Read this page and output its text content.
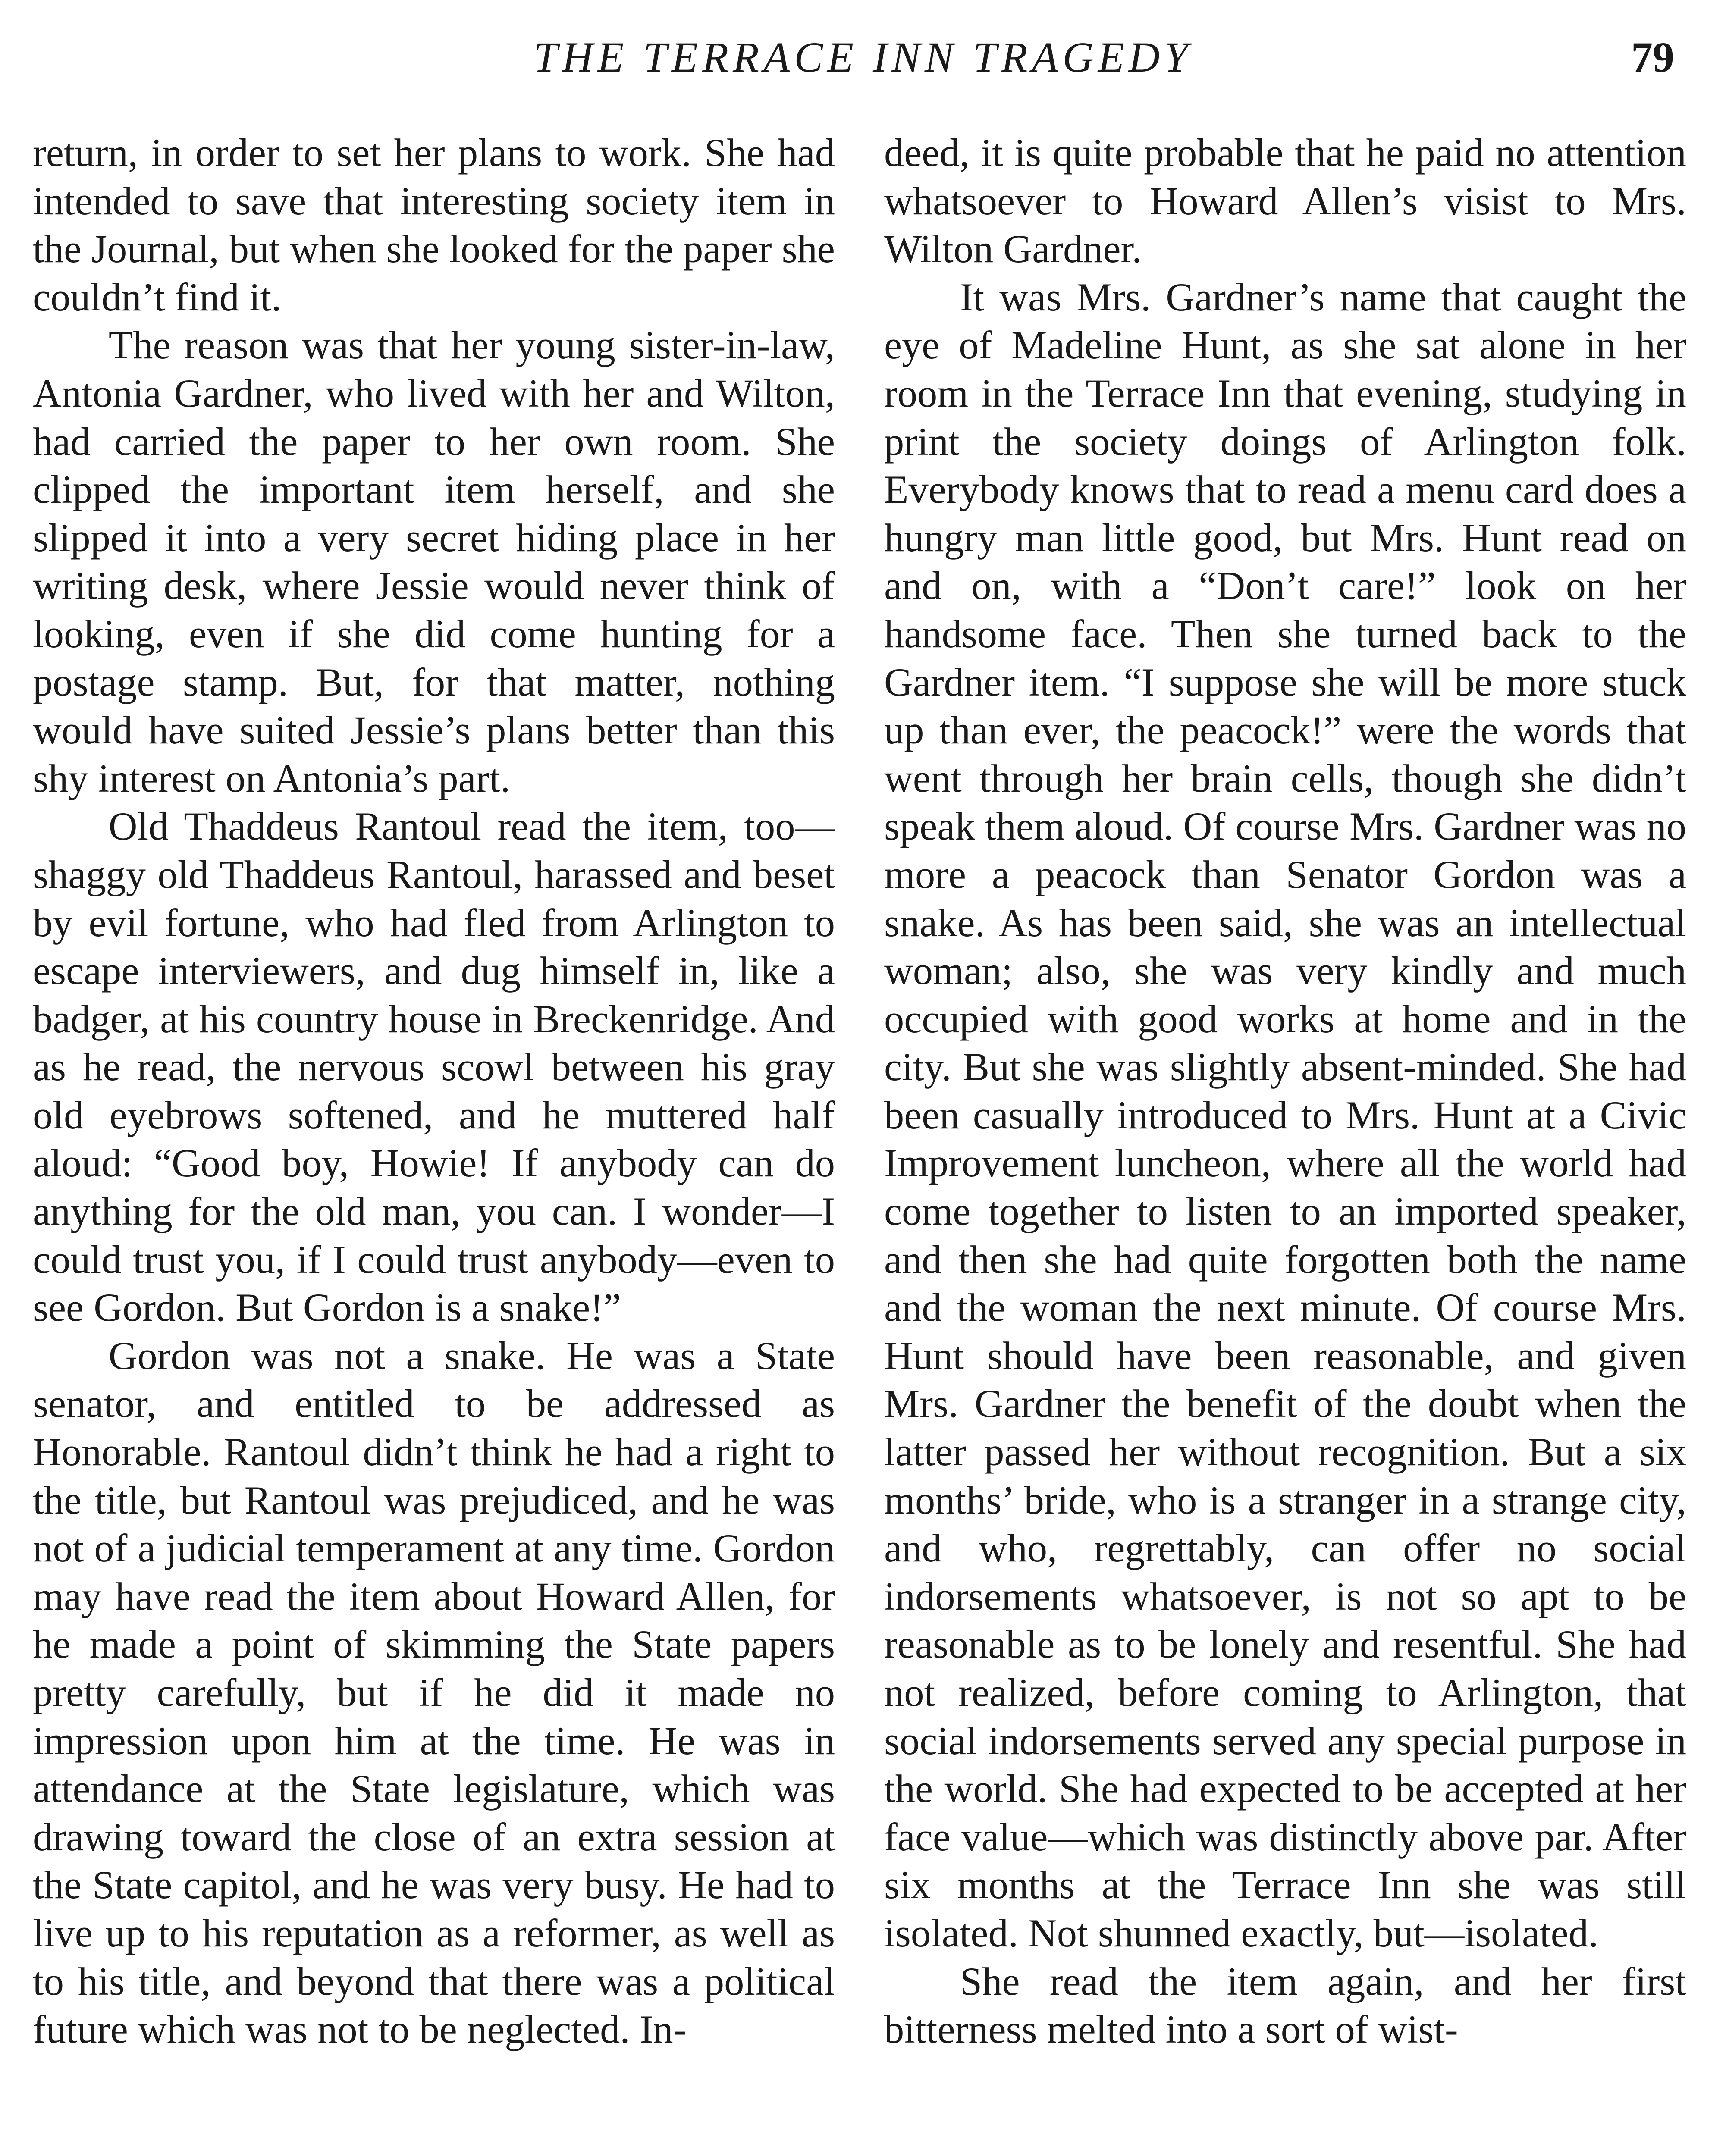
THE TERRACE INN TRAGEDY	79

return, in order to set her plans to work. She had intended to save that interesting society item in the Journal, but when she looked for the paper she couldn’t find it.

The reason was that her young sister-in-law, Antonia Gardner, who lived with her and Wilton, had carried the paper to her own room. She clipped the important item herself, and she slipped it into a very secret hiding place in her writing desk, where Jessie would never think of looking, even if she did come hunting for a postage stamp. But, for that matter, nothing would have suited Jessie’s plans better than this shy interest on Antonia’s part.

Old Thaddeus Rantoul read the item, too—shaggy old Thaddeus Rantoul, harassed and beset by evil fortune, who had fled from Arlington to escape interviewers, and dug himself in, like a badger, at his country house in Breckenridge. And as he read, the nervous scowl between his gray old eyebrows softened, and he muttered half aloud: “Good boy, Howie! If anybody can do anything for the old man, you can. I wonder—I could trust you, if I could trust anybody—even to see Gordon. But Gordon is a snake!”

Gordon was not a snake. He was a State senator, and entitled to be addressed as Honorable. Rantoul didn’t think he had a right to the title, but Rantoul was prejudiced, and he was not of a judicial temperament at any time. Gordon may have read the item about Howard Allen, for he made a point of skimming the State papers pretty carefully, but if he did it made no impression upon him at the time. He was in attendance at the State legislature, which was drawing toward the close of an extra session at the State capitol, and he was very busy. He had to live up to his reputation as a reformer, as well as to his title, and beyond that there was a political future which was not to be neglected. In-

deed, it is quite probable that he paid no attention whatsoever to Howard Allen’s visist to Mrs. Wilton Gardner.

It was Mrs. Gardner’s name that caught the eye of Madeline Hunt, as she sat alone in her room in the Terrace Inn that evening, studying in print the society doings of Arlington folk. Everybody knows that to read a menu card does a hungry man little good, but Mrs. Hunt read on and on, with a “Don’t care!” look on her handsome face. Then she turned back to the Gardner item. “I suppose she will be more stuck up than ever, the peacock!” were the words that went through her brain cells, though she didn’t speak them aloud. Of course Mrs. Gardner was no more a peacock than Senator Gordon was a snake. As has been said, she was an intellectual woman; also, she was very kindly and much occupied with good works at home and in the city. But she was slightly absent-minded. She had been casually introduced to Mrs. Hunt at a Civic Improvement luncheon, where all the world had come together to listen to an imported speaker, and then she had quite forgotten both the name and the woman the next minute. Of course Mrs. Hunt should have been reasonable, and given Mrs. Gardner the benefit of the doubt when the latter passed her without recognition. But a six months’ bride, who is a stranger in a strange city, and who, regrettably, can offer no social indorsements whatsoever, is not so apt to be reasonable as to be lonely and resentful. She had not realized, before coming to Arlington, that social indorsements served any special purpose in the world. She had expected to be accepted at her face value—which was distinctly above par. After six months at the Terrace Inn she was still isolated. Not shunned exactly, but—isolated.

She read the item again, and her first bitterness melted into a sort of wist-
